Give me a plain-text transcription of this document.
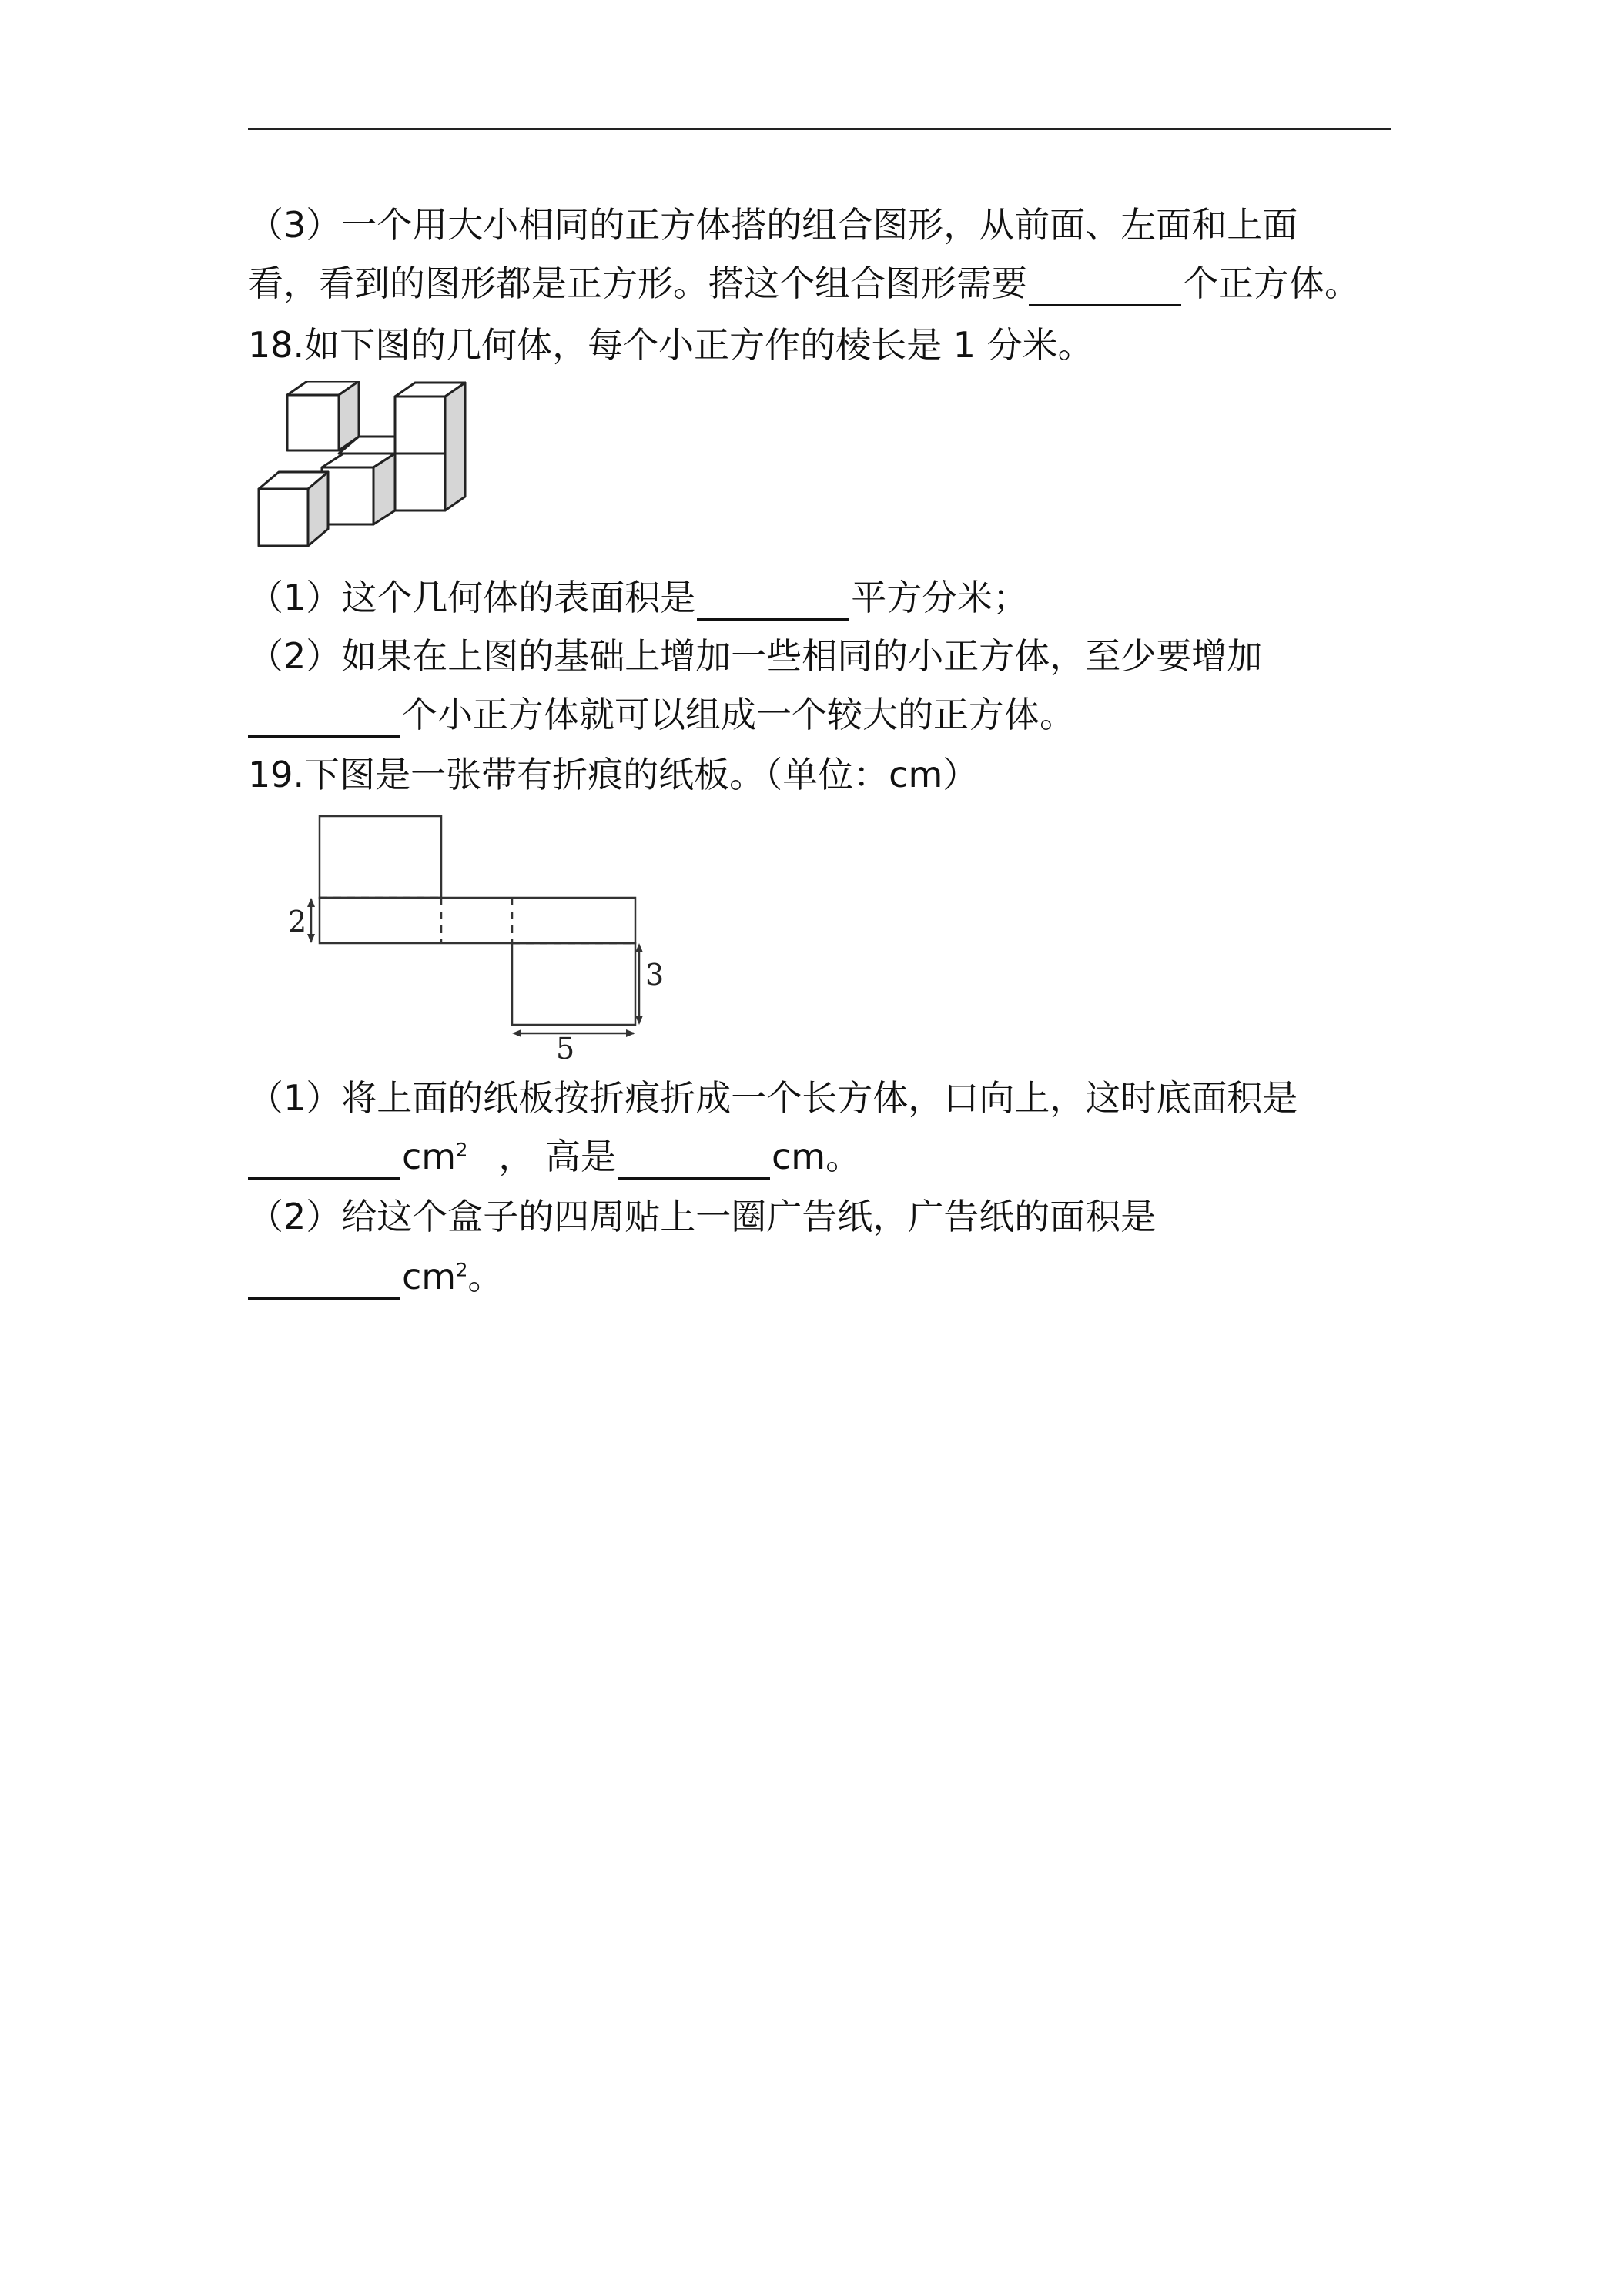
（3）一个用大小相同的正方体搭的组合图形，从前面、左面和上面
看，看到的图形都是正方形。搭这个组合图形需要	个正方体。
18.如下图的几何体，每个小正方作的棱长是 1 分米。
（1）这个几何体的表面积是	平方分米；
（2）如果在上图的基础上增加一些相同的小正方体，至少要增加
个小正方体就可以组成一个较大的正方体。
19.下图是一张带有折痕的纸板。（单位：cm）
2
5
3
（1）将上面的纸板按折痕折成一个长方体，口向上，这时底面积是
$cm^2$ ， 高是	cm。
（2）给这个盒子的四周贴上一圈广告纸，广告纸的面积是
$cm^2$。
